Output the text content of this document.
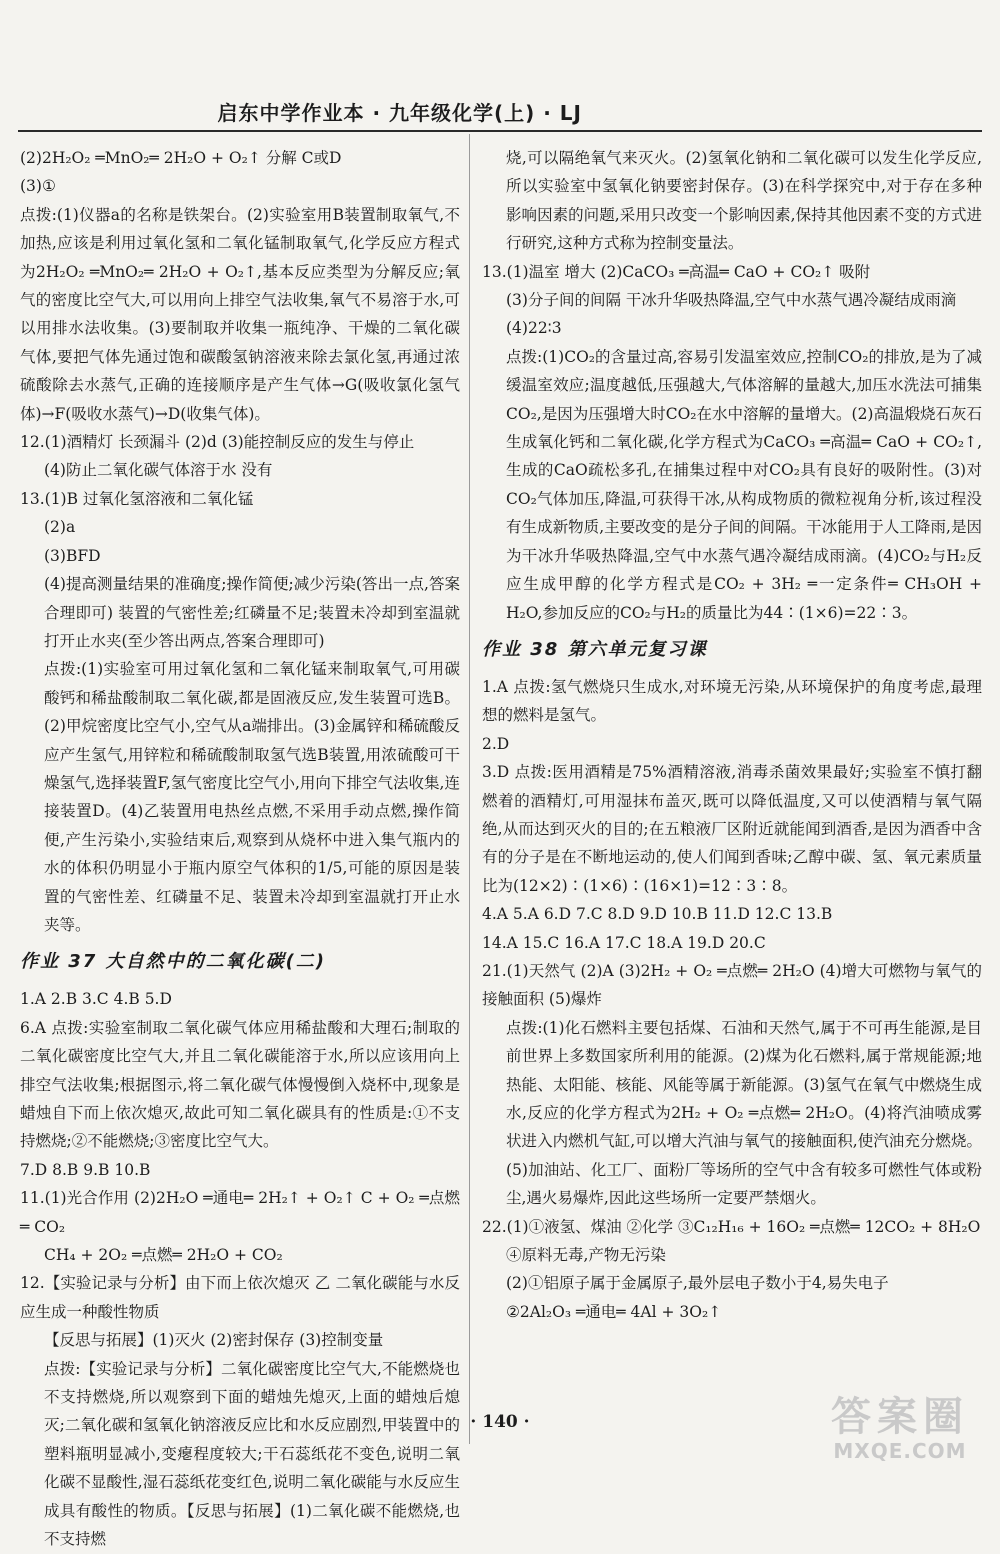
启东中学作业本 · 九年级化学(上) · LJ
(2)2H₂O₂ ═MnO₂═ 2H₂O + O₂↑ 分解 C或D
(3)①
点拨:(1)仪器a的名称是铁架台。(2)实验室用B装置制取氧气,不加热,应该是利用过氧化氢和二氧化锰制取氧气,化学反应方程式为2H₂O₂ ═MnO₂═ 2H₂O + O₂↑,基本反应类型为分解反应;氧气的密度比空气大,可以用向上排空气法收集,氧气不易溶于水,可以用排水法收集。(3)要制取并收集一瓶纯净、干燥的二氧化碳气体,要把气体先通过饱和碳酸氢钠溶液来除去氯化氢,再通过浓硫酸除去水蒸气,正确的连接顺序是产生气体→G(吸收氯化氢气体)→F(吸收水蒸气)→D(收集气体)。
12.(1)酒精灯 长颈漏斗 (2)d (3)能控制反应的发生与停止
(4)防止二氧化碳气体溶于水 没有
13.(1)B 过氧化氢溶液和二氧化锰
(2)a
(3)BFD
(4)提高测量结果的准确度;操作简便;减少污染(答出一点,答案合理即可) 装置的气密性差;红磷量不足;装置未冷却到室温就打开止水夹(至少答出两点,答案合理即可)
点拨:(1)实验室可用过氧化氢和二氧化锰来制取氧气,可用碳酸钙和稀盐酸制取二氧化碳,都是固液反应,发生装置可选B。(2)甲烷密度比空气小,空气从a端排出。(3)金属锌和稀硫酸反应产生氢气,用锌粒和稀硫酸制取氢气选B装置,用浓硫酸可干燥氢气,选择装置F,氢气密度比空气小,用向下排空气法收集,连接装置D。(4)乙装置用电热丝点燃,不采用手动点燃,操作简便,产生污染小,实验结束后,观察到从烧杯中进入集气瓶内的水的体积仍明显小于瓶内原空气体积的1/5,可能的原因是装置的气密性差、红磷量不足、装置未冷却到室温就打开止水夹等。
作业 37 大自然中的二氧化碳(二)
1.A 2.B 3.C 4.B 5.D
6.A 点拨:实验室制取二氧化碳气体应用稀盐酸和大理石;制取的二氧化碳密度比空气大,并且二氧化碳能溶于水,所以应该用向上排空气法收集;根据图示,将二氧化碳气体慢慢倒入烧杯中,现象是蜡烛自下而上依次熄灭,故此可知二氧化碳具有的性质是:①不支持燃烧;②不能燃烧;③密度比空气大。
7.D 8.B 9.B 10.B
11.(1)光合作用 (2)2H₂O ═通电═ 2H₂↑ + O₂↑ C + O₂ ═点燃═ CO₂
CH₄ + 2O₂ ═点燃═ 2H₂O + CO₂
12.【实验记录与分析】由下而上依次熄灭 乙 二氧化碳能与水反应生成一种酸性物质
【反思与拓展】(1)灭火 (2)密封保存 (3)控制变量
点拨:【实验记录与分析】二氧化碳密度比空气大,不能燃烧也不支持燃烧,所以观察到下面的蜡烛先熄灭,上面的蜡烛后熄灭;二氧化碳和氢氧化钠溶液反应比和水反应剧烈,甲装置中的塑料瓶明显减小,变瘪程度较大;干石蕊纸花不变色,说明二氧化碳不显酸性,湿石蕊纸花变红色,说明二氧化碳能与水反应生成具有酸性的物质。【反思与拓展】(1)二氧化碳不能燃烧,也不支持燃
烧,可以隔绝氧气来灭火。(2)氢氧化钠和二氧化碳可以发生化学反应,所以实验室中氢氧化钠要密封保存。(3)在科学探究中,对于存在多种影响因素的问题,采用只改变一个影响因素,保持其他因素不变的方式进行研究,这种方式称为控制变量法。
13.(1)温室 增大 (2)CaCO₃ ═高温═ CaO + CO₂↑ 吸附
(3)分子间的间隔 干冰升华吸热降温,空气中水蒸气遇冷凝结成雨滴
(4)22∶3
点拨:(1)CO₂的含量过高,容易引发温室效应,控制CO₂的排放,是为了减缓温室效应;温度越低,压强越大,气体溶解的量越大,加压水洗法可捕集CO₂,是因为压强增大时CO₂在水中溶解的量增大。(2)高温煅烧石灰石生成氧化钙和二氧化碳,化学方程式为CaCO₃ ═高温═ CaO + CO₂↑,生成的CaO疏松多孔,在捕集过程中对CO₂具有良好的吸附性。(3)对CO₂气体加压,降温,可获得干冰,从构成物质的微粒视角分析,该过程没有生成新物质,主要改变的是分子间的间隔。干冰能用于人工降雨,是因为干冰升华吸热降温,空气中水蒸气遇冷凝结成雨滴。(4)CO₂与H₂反应生成甲醇的化学方程式是CO₂ + 3H₂ ═一定条件═ CH₃OH + H₂O,参加反应的CO₂与H₂的质量比为44∶(1×6)=22∶3。
作业 38 第六单元复习课
1.A 点拨:氢气燃烧只生成水,对环境无污染,从环境保护的角度考虑,最理想的燃料是氢气。
2.D
3.D 点拨:医用酒精是75%酒精溶液,消毒杀菌效果最好;实验室不慎打翻燃着的酒精灯,可用湿抹布盖灭,既可以降低温度,又可以使酒精与氧气隔绝,从而达到灭火的目的;在五粮液厂区附近就能闻到酒香,是因为酒香中含有的分子是在不断地运动的,使人们闻到香味;乙醇中碳、氢、氧元素质量比为(12×2)∶(1×6)∶(16×1)=12∶3∶8。
4.A 5.A 6.D 7.C 8.D 9.D 10.B 11.D 12.C 13.B
14.A 15.C 16.A 17.C 18.A 19.D 20.C
21.(1)天然气 (2)A (3)2H₂ + O₂ ═点燃═ 2H₂O (4)增大可燃物与氧气的接触面积 (5)爆炸
点拨:(1)化石燃料主要包括煤、石油和天然气,属于不可再生能源,是目前世界上多数国家所利用的能源。(2)煤为化石燃料,属于常规能源;地热能、太阳能、核能、风能等属于新能源。(3)氢气在氧气中燃烧生成水,反应的化学方程式为2H₂ + O₂ ═点燃═ 2H₂O。(4)将汽油喷成雾状进入内燃机气缸,可以增大汽油与氧气的接触面积,使汽油充分燃烧。(5)加油站、化工厂、面粉厂等场所的空气中含有较多可燃性气体或粉尘,遇火易爆炸,因此这些场所一定要严禁烟火。
22.(1)①液氢、煤油 ②化学 ③C₁₂H₁₆ + 16O₂ ═点燃═ 12CO₂ + 8H₂O
④原料无毒,产物无污染
(2)①铝原子属于金属原子,最外层电子数小于4,易失电子
②2Al₂O₃ ═通电═ 4Al + 3O₂↑
· 140 ·	答案圈
MXQE.COM
